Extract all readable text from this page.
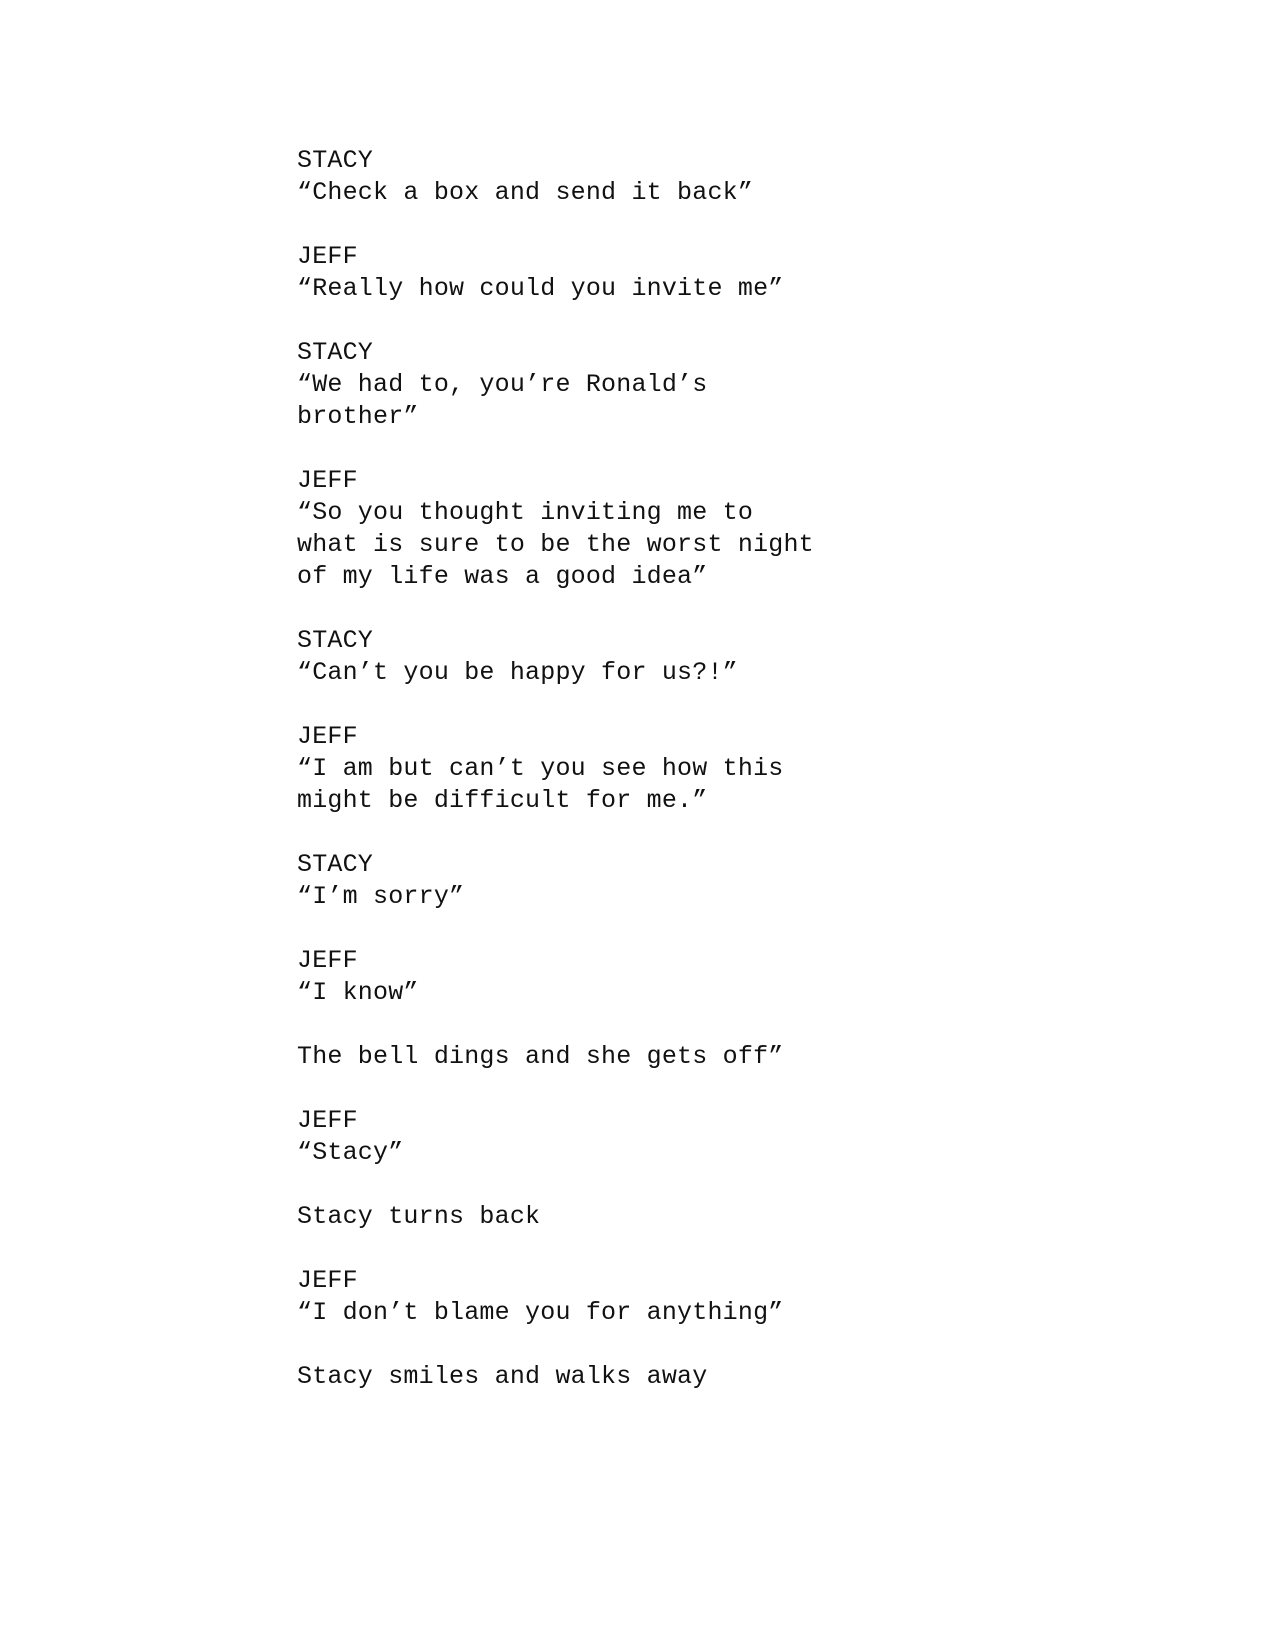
STACY
“Check a box and send it back”
JEFF
“Really how could you invite me”
STACY
“We had to, you’re Ronald’s
brother”
JEFF
“So you thought inviting me to
what is sure to be the worst night
of my life was a good idea”
STACY
“Can’t you be happy for us?!”
JEFF
“I am but can’t you see how this
might be difficult for me.”
STACY
“I’m sorry”
JEFF
“I know”
The bell dings and she gets off”
JEFF
“Stacy”
Stacy turns back
JEFF
“I don’t blame you for anything”
Stacy smiles and walks away
